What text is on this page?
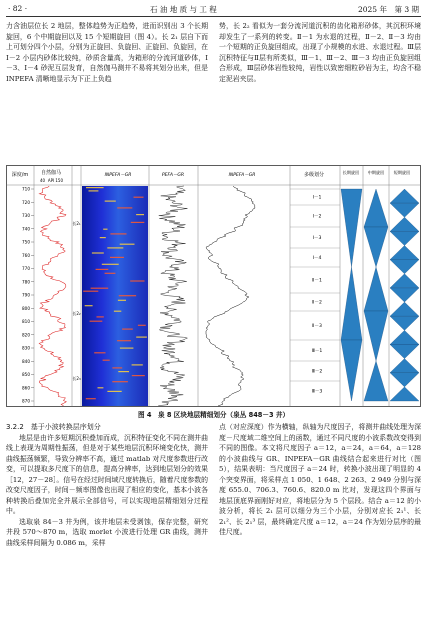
· 82 ·	石 油 地 质 与 工 程	2025 年　第 3 期

力含油层位长 2 地层，整体趋势为正趋势，进而识别出 3 个长期旋回，6 个中期旋回以及 15 个短期旋回（图 4）。长 2₁ 层自下而上可划分四个小层，分别为正旋回、负旋回、正旋回、负旋回，在 Ⅰ－2 小层内砂体比较纯，砂质含量高，为箱形的分流河道砂体，Ⅰ－3、Ⅰ－4 砂泥互层发育，自然伽马测井不易将其划分出来，但是 INPEFA 清晰地显示为下正上负趋

势，长 2₂ 看似为一套分流河道沉积的齿化箱形砂体，其沉积环境却发生了一系列的转变。Ⅱ－1 为水退的过程，Ⅱ－2、Ⅱ－3 均由一个短期的正负旋回组成，出现了小规模的水进、水退过程。Ⅲ层沉积特征与Ⅱ层有所类似，Ⅲ－1、Ⅲ－2、Ⅲ－3 均由正负旋回组合形成，Ⅲ层砂体岩性较纯，岩性以致密细粒砂岩为主，均含不稳定泥岩夹层。

深度/m	自然伽马
40 API 150
INPEFA－GR	PEFA－GR	INPEFA－GR	多级划分	长期旋回 中期旋回 短期旋回
710
720
730
740
750
760
770
780
790
800
810
820
830
840
850
860
870
长2₁
长2₂
长2₃
Ⅰ－1
Ⅰ－2
Ⅰ－3
Ⅰ－4
Ⅱ－1
Ⅱ－2
Ⅱ－3
Ⅲ－1
Ⅲ－2
Ⅲ－3
图 4　泉 8 区块地层精细划分（泉丛 848－3 井）
3.2.2　基于小波转换层序划分

地层是由许多短期沉积叠加而成，沉积特征变化不同在测井曲线上表现为周期性振荡，但是对于某些地层沉积环境变化快，测井曲线振荡频繁，导致分辨率不高，通过 matlab 对尺度参数进行改变，可以提取多尺度下的信息，提高分辨率，达到地层划分的效果［12，27－28］。信号在经过时间域尺度转换后，随着尺度参数的改变尺度因子，时间－频率图像也出现了相应的变化，基本小波各种转换后叠加完全并展示全部信号，可以实现地层精细划分过程中。

选取泉 84－3 井为例，该井地层未受剥蚀，保存完整，研究井段 570～870 m，选取 morlet 小波进行处理 GR 曲线，测井曲线采样间隔为 0.086 m，采样

点（对应深度）作为横轴，纵轴为尺度因子，将测井曲线处理为深度－尺度域二维空间上的函数，通过不同尺度的小波系数改变得到不同的图像。本文将尺度因子 a＝12，a＝24，a＝64，a＝128 的小波曲线与 GR、INPEFA－GR 曲线结合起来进行对比（图 5），结果表明：当尺度因子 a＝24 时，转换小波出现了明显的 4 个突变界面，将采样点 1 050、1 648、2 263、2 949 分别与深度 655.0、706.3、760.6、820.0 m 比对，发现这四个界面与地层顶底界面刚好对应，将地层分为 5 个层段。结合 a＝12 的小波分析，将长 2₁ 层可以细分为三个小层，分别对应长 2₁¹、长 2₁²、长 2₁³ 层，最终确定尺度 a＝12，a＝24 作为划分层序的最佳尺度。
